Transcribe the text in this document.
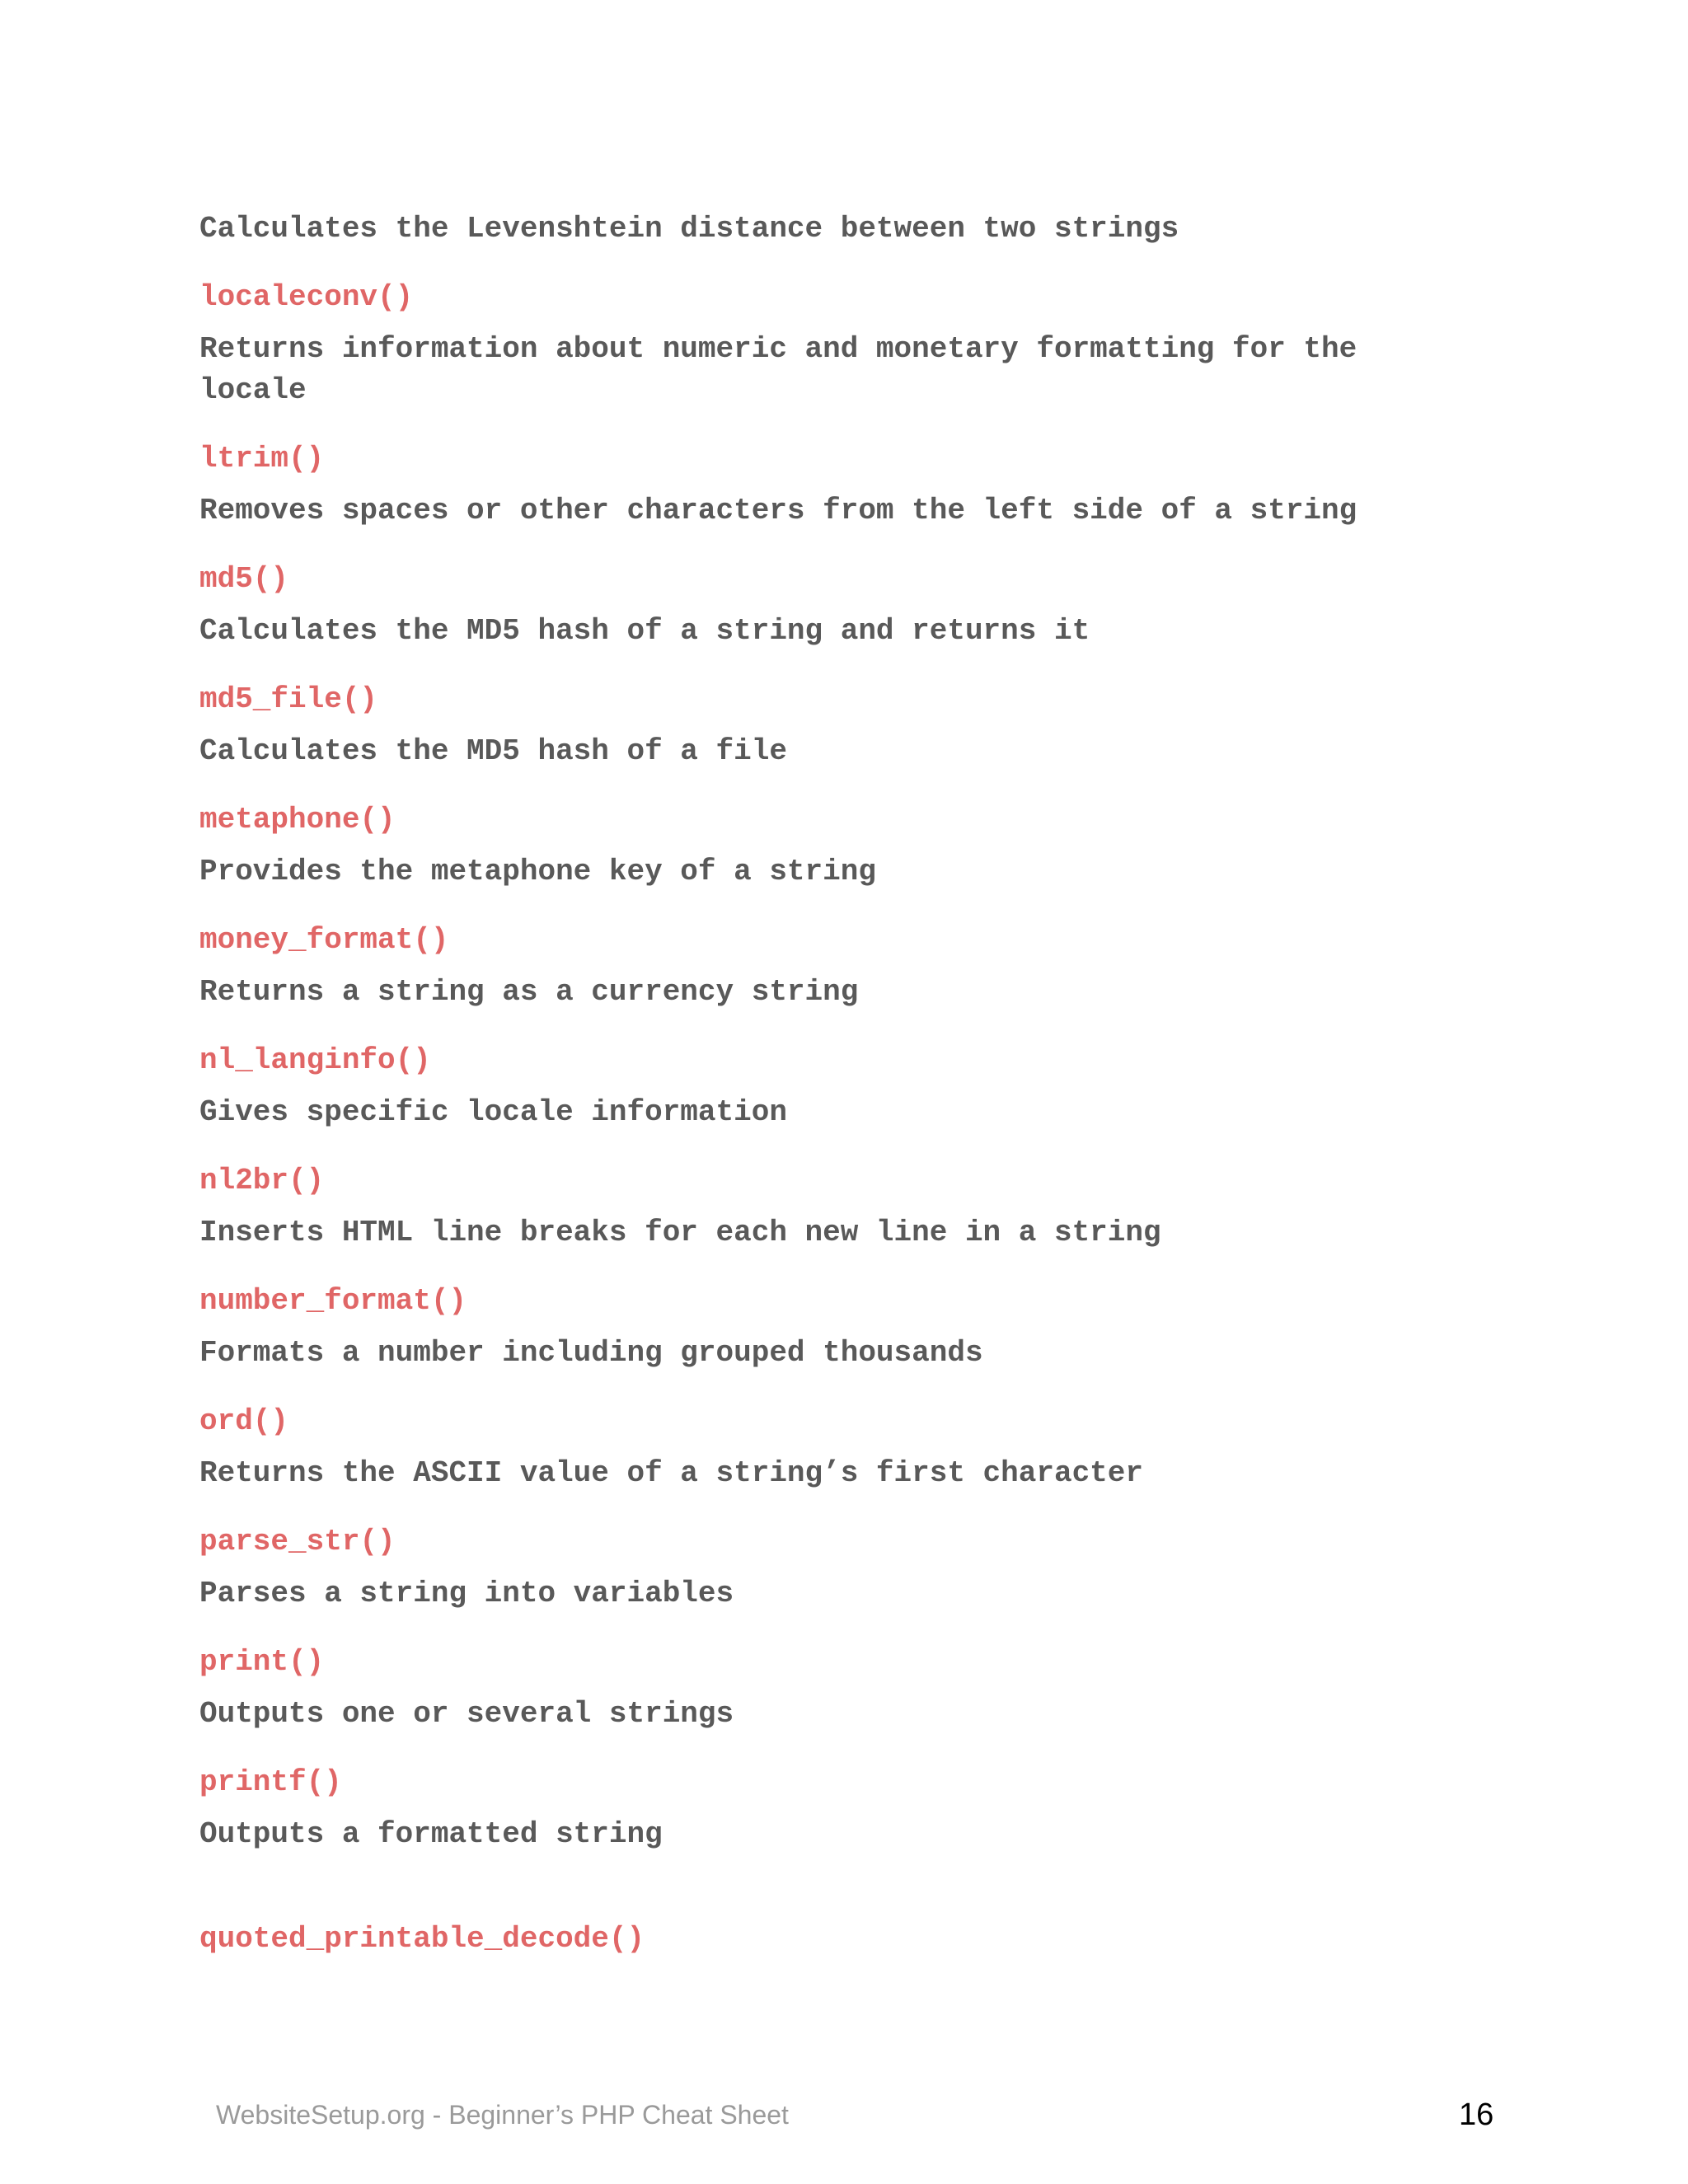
Calculates the Levenshtein distance between two strings

localeconv()

Returns information about numeric and monetary formatting for the

locale

ltrim()

Removes spaces or other characters from the left side of a string

md5()

Calculates the MD5 hash of a string and returns it

md5_file()

Calculates the MD5 hash of a file

metaphone()

Provides the metaphone key of a string

money_format()

Returns a string as a currency string

nl_langinfo()

Gives specific locale information

nl2br()

Inserts HTML line breaks for each new line in a string

number_format()

Formats a number including grouped thousands

ord()

Returns the ASCII value of a string’s first character

parse_str()

Parses a string into variables

print()

Outputs one or several strings

printf()

Outputs a formatted string

quoted_printable_decode()

WebsiteSetup.org - Beginner’s PHP Cheat Sheet	16
